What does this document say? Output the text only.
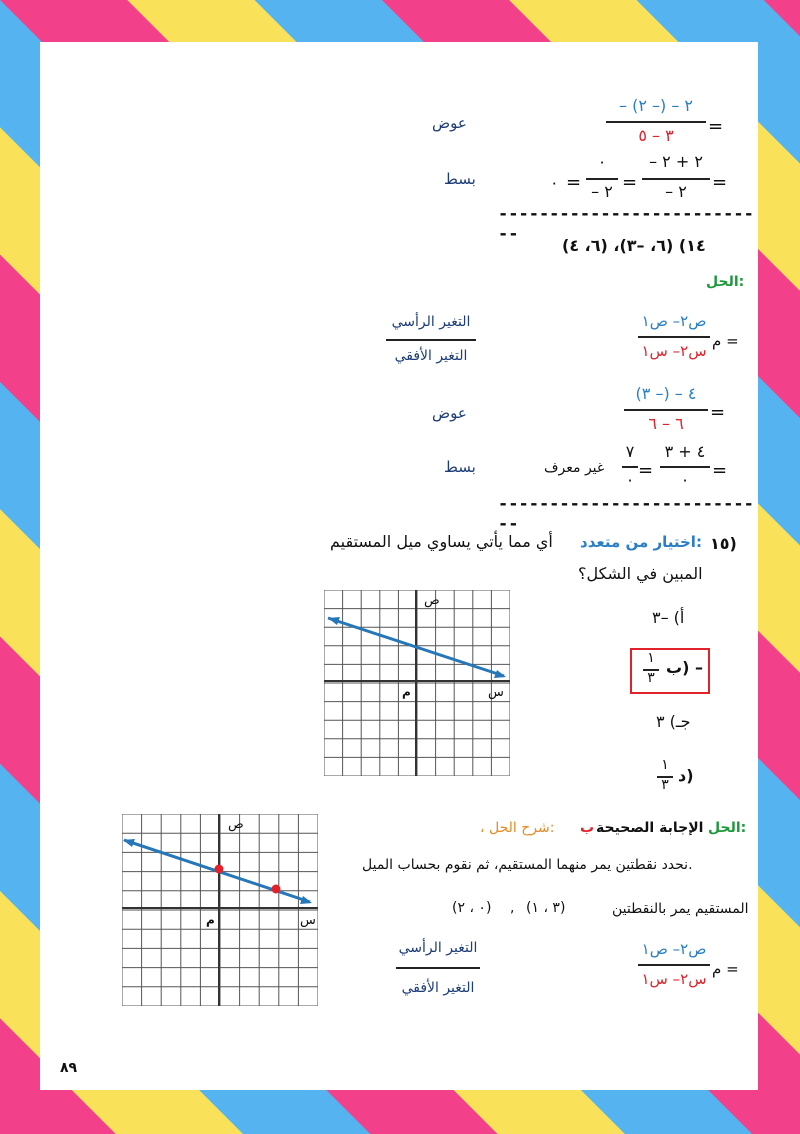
عوض	=
– ٢ – (– ٢)
٣ – ٥
بسط	=
– ٢ + ٢
– ٢
=
٠
– ٢
=
٠
---------------------------
١٤) (٦، –٣)، (٦، ٤)
الحل:
م =
ص٢– ص١
س٢– س١
التغير الرأسي
التغير الأفقي
عوض	=
٤ – (– ٣)
٦ – ٦
بسط	=
٤ + ٣
٠
=
٧
٠
غير معرف
---------------------------
١٥)
اختيار من متعدد:
أي مما يأتي يساوي ميل المستقيم
المبين في الشكل؟
ص
س
م
أ) –٣
ب) –
١
٣
جـ) ٣
د)
١
٣
ص
س
م
الحل:
الإجابة الصحيحة
ب
، شرح الحل:
نحدد نقطتين يمر منهما المستقيم، ثم نقوم بحساب الميل.
المستقيم يمر بالنقطتين
(٣ ، ١)
,
(٠ ، ٢)
م =
ص٢– ص١
س٢– س١
التغير الرأسي
التغير الأفقي
٨٩
